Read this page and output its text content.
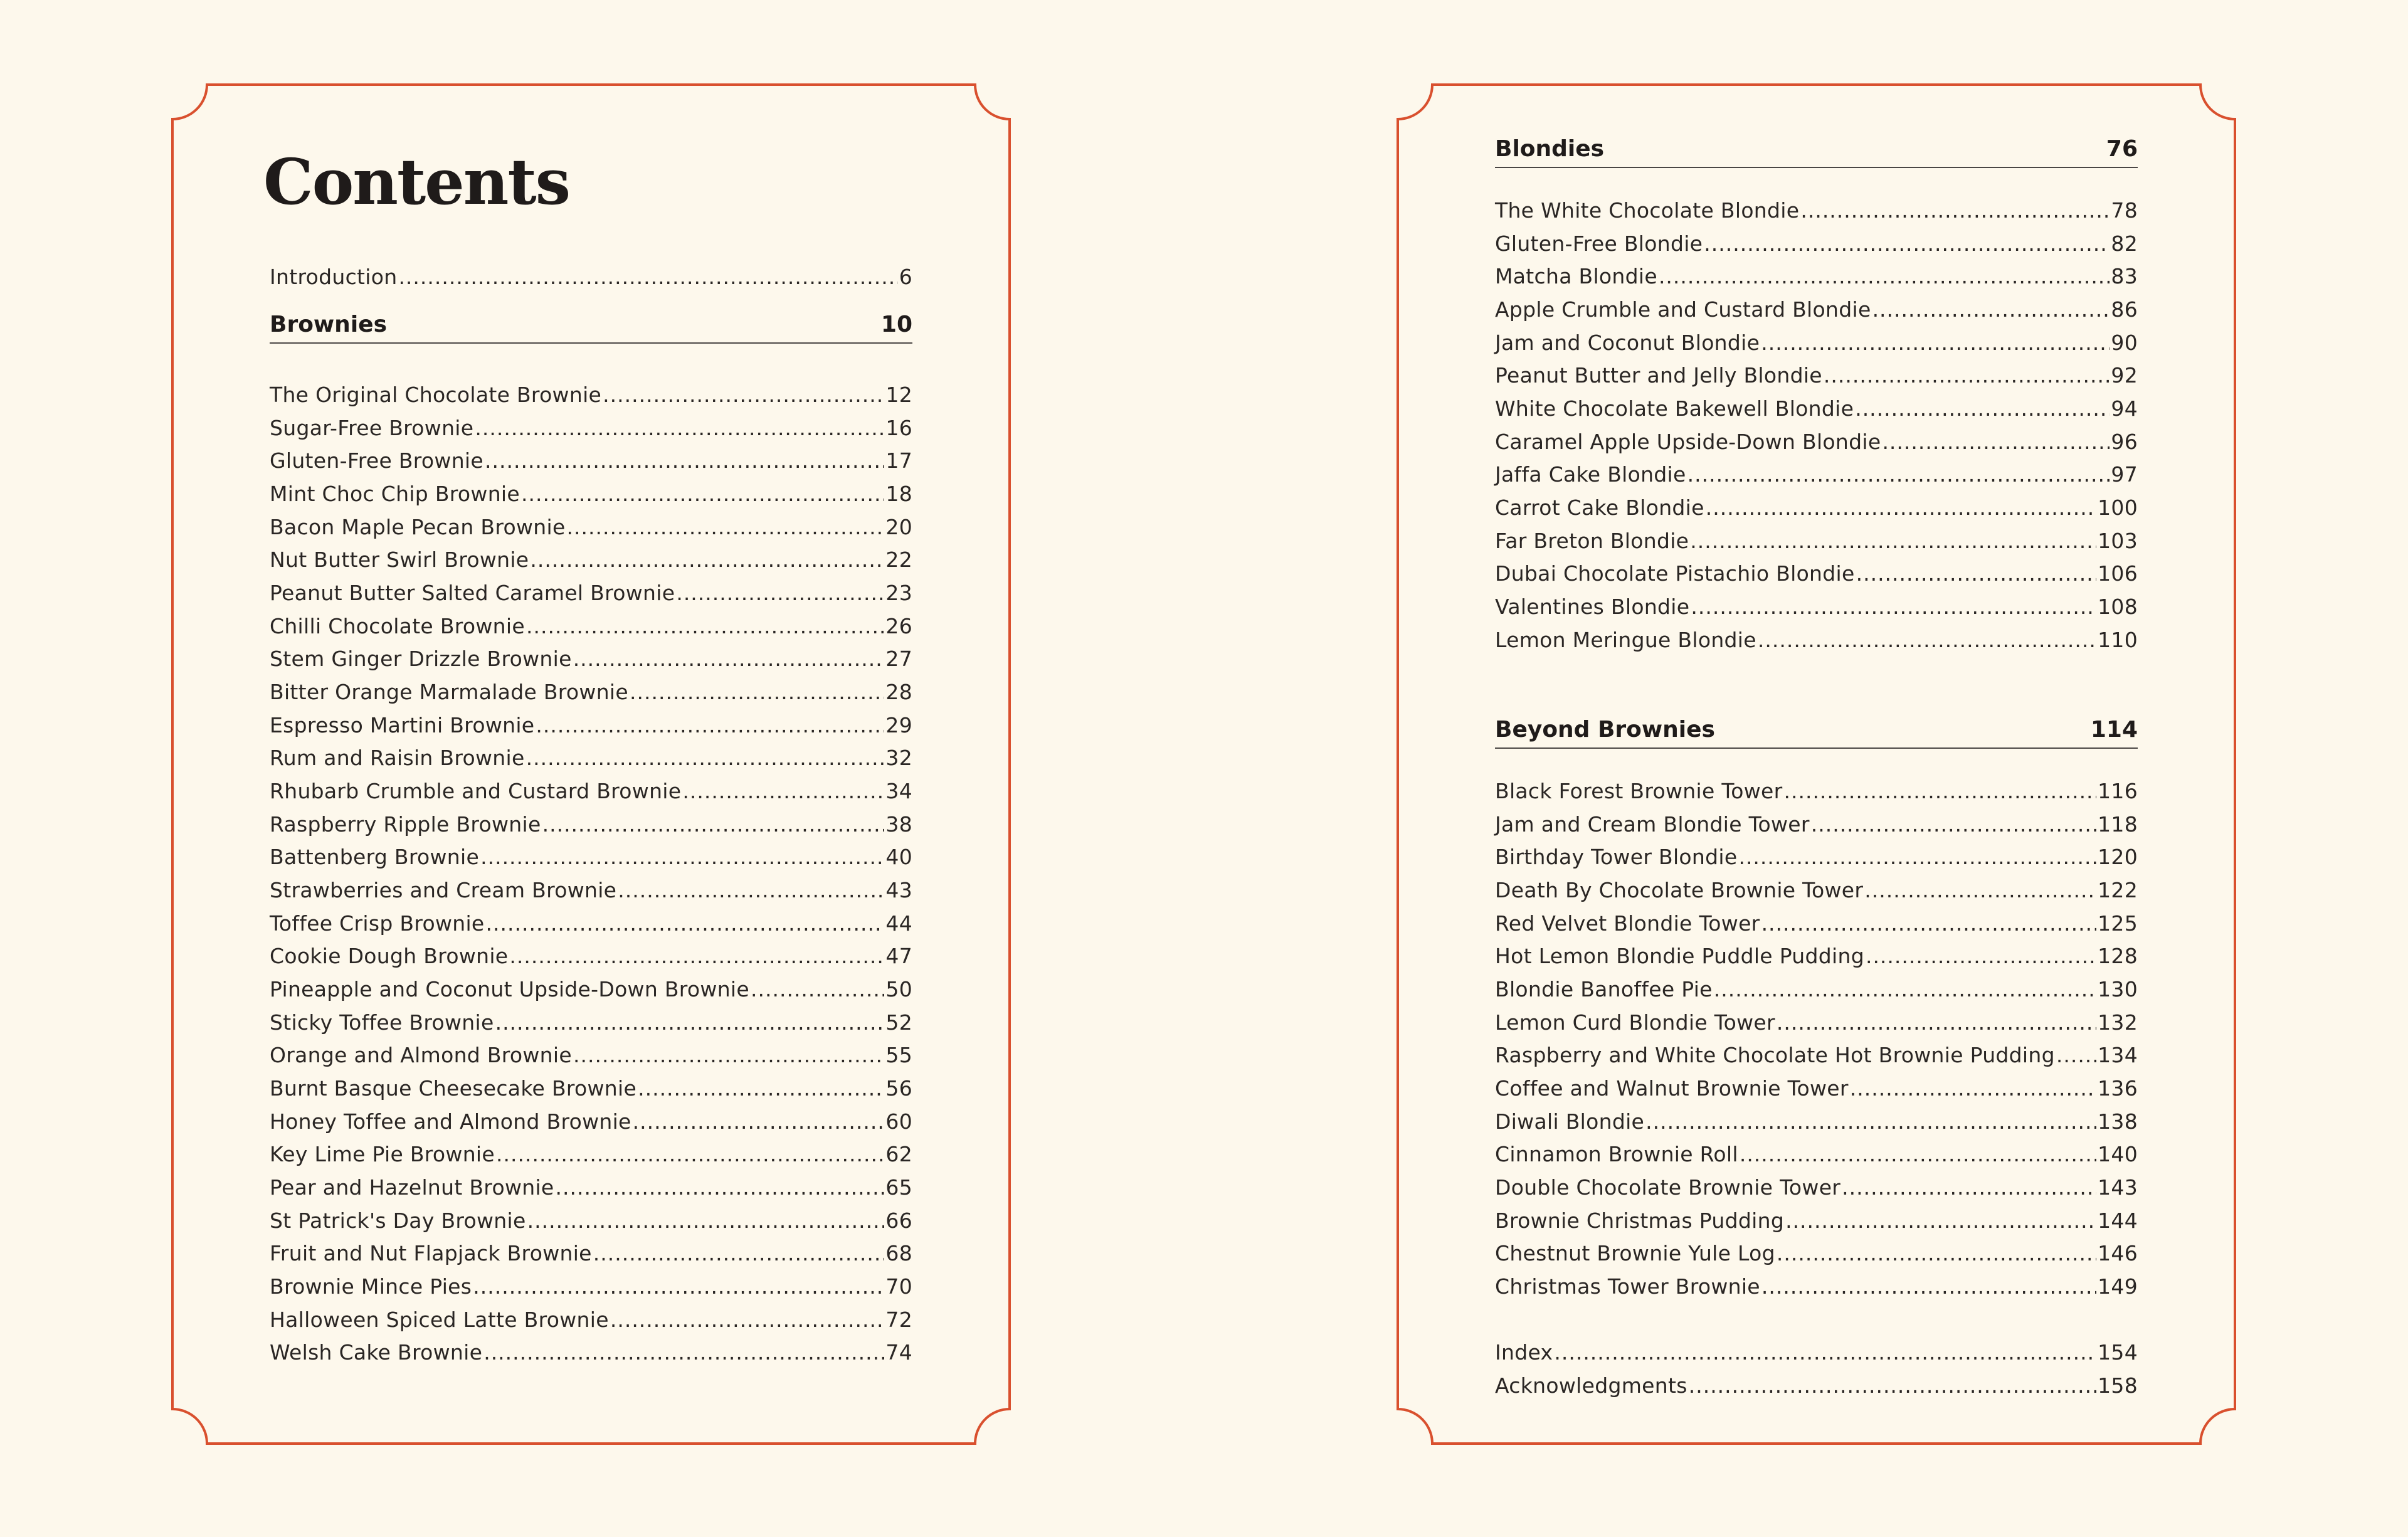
Contents
Introduction .....	6
Brownies	10
The Original Chocolate Brownie .....	12
Sugar-Free Brownie .....	16
Gluten-Free Brownie .....	17
Mint Choc Chip Brownie .....	18
Bacon Maple Pecan Brownie .....	20
Nut Butter Swirl Brownie .....	22
Peanut Butter Salted Caramel Brownie .....	23
Chilli Chocolate Brownie .....	26
Stem Ginger Drizzle Brownie .....	27
Bitter Orange Marmalade Brownie .....	28
Espresso Martini Brownie .....	29
Rum and Raisin Brownie .....	32
Rhubarb Crumble and Custard Brownie .....	34
Raspberry Ripple Brownie .....	38
Battenberg Brownie .....	40
Strawberries and Cream Brownie .....	43
Toffee Crisp Brownie .....	44
Cookie Dough Brownie .....	47
Pineapple and Coconut Upside-Down Brownie .....	50
Sticky Toffee Brownie .....	52
Orange and Almond Brownie .....	55
Burnt Basque Cheesecake Brownie .....	56
Honey Toffee and Almond Brownie .....	60
Key Lime Pie Brownie .....	62
Pear and Hazelnut Brownie .....	65
St Patrick's Day Brownie .....	66
Fruit and Nut Flapjack Brownie .....	68
Brownie Mince Pies .....	70
Halloween Spiced Latte Brownie .....	72
Welsh Cake Brownie .....	74
Blondies	76
The White Chocolate Blondie .....	78
Gluten-Free Blondie .....	82
Matcha Blondie .....	83
Apple Crumble and Custard Blondie .....	86
Jam and Coconut Blondie .....	90
Peanut Butter and Jelly Blondie .....	92
White Chocolate Bakewell Blondie .....	94
Caramel Apple Upside-Down Blondie .....	96
Jaffa Cake Blondie .....	97
Carrot Cake Blondie .....	100
Far Breton Blondie .....	103
Dubai Chocolate Pistachio Blondie .....	106
Valentines Blondie .....	108
Lemon Meringue Blondie .....	110
Beyond Brownies	114
Black Forest Brownie Tower .....	116
Jam and Cream Blondie Tower .....	118
Birthday Tower Blondie .....	120
Death By Chocolate Brownie Tower .....	122
Red Velvet Blondie Tower .....	125
Hot Lemon Blondie Puddle Pudding .....	128
Blondie Banoffee Pie .....	130
Lemon Curd Blondie Tower .....	132
Raspberry and White Chocolate Hot Brownie Pudding ..... 134
Coffee and Walnut Brownie Tower .....	136
Diwali Blondie .....	138
Cinnamon Brownie Roll .....	140
Double Chocolate Brownie Tower .....	143
Brownie Christmas Pudding .....	144
Chestnut Brownie Yule Log .....	146
Christmas Tower Brownie .....	149
Index .....	154
Acknowledgments .....	158
